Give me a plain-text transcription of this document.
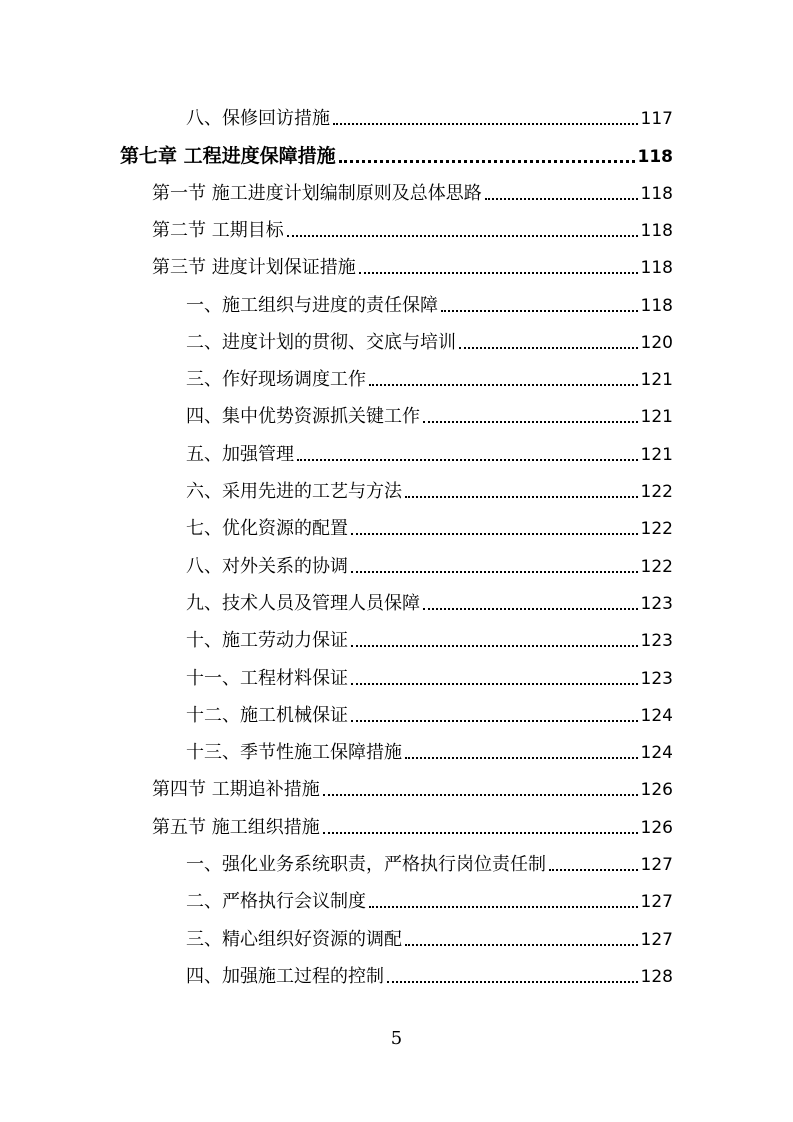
八、保修回访措施	117
第七章 工程进度保障措施	118
第一节 施工进度计划编制原则及总体思路	118
第二节 工期目标	118
第三节 进度计划保证措施	118
一、施工组织与进度的责任保障	118
二、进度计划的贯彻、交底与培训	120
三、作好现场调度工作	121
四、集中优势资源抓关键工作	121
五、加强管理	121
六、采用先进的工艺与方法	122
七、优化资源的配置	122
八、对外关系的协调	122
九、技术人员及管理人员保障	123
十、施工劳动力保证	123
十一、工程材料保证	123
十二、施工机械保证	124
十三、季节性施工保障措施	124
第四节 工期追补措施	126
第五节 施工组织措施	126
一、强化业务系统职责，严格执行岗位责任制	127
二、严格执行会议制度	127
三、精心组织好资源的调配	127
四、加强施工过程的控制	128
5
